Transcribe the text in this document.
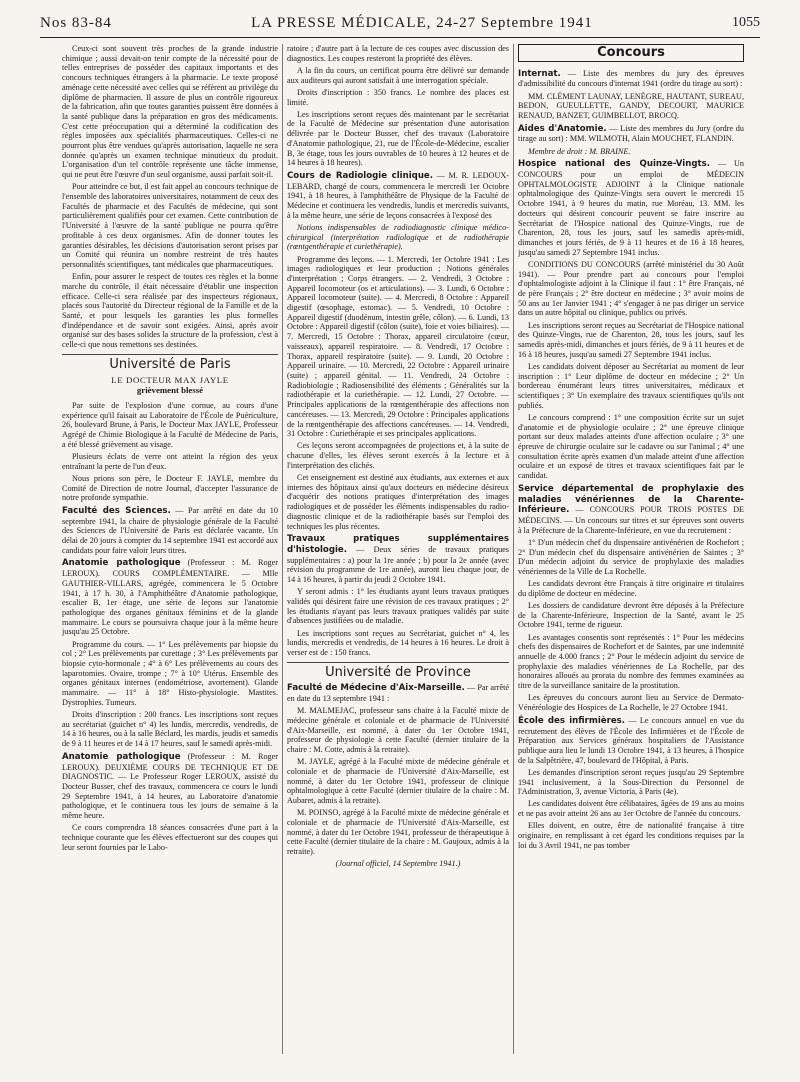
Nos 83-84	LA PRESSE MÉDICALE, 24-27 Septembre 1941	1055

Ceux-ci sont souvent très proches de la grande industrie chimique ; aussi devait-on tenir compte de la nécessité pour de telles entreprises de posséder des capitaux importants et des concours techniques étrangers à la pharmacie. Le texte proposé aménage cette nécessité avec celles qui se réfèrent au privilège du diplôme de pharmacien. Il assure de plus un contrôle rigoureux de la fabrication, afin que toutes garanties puissent être données à la santé publique dans la préparation en gros des médicaments. C'est cette préoccupation qui a déterminé la codification des règles imposées aux spécialités pharmaceutiques. Celles-ci ne pourront plus être vendues qu'après autorisation, laquelle ne sera donnée qu'après un examen technique minutieux du produit. L'organisation d'un tel contrôle représente une tâche immense, qui ne peut être l'œuvre d'un seul organisme, aussi parfait soit-il.

Pour atteindre ce but, il est fait appel au concours technique de l'ensemble des laboratoires universitaires, notamment de ceux des Facultés de pharmacie et des Facultés de médecine, qui sont particulièrement qualifiés pour cet examen. Cette contribution de l'Université à l'œuvre de la santé publique ne pourra qu'être profitable à ces deux organismes. Afin de donner toutes les garanties désirables, les décisions d'autorisation seront prises par un Comité qui réunira un nombre restreint de très hautes personnalités scientifiques, tant médicales que pharmaceutiques.

Enfin, pour assurer le respect de toutes ces règles et la bonne marche du contrôle, il était nécessaire d'établir une inspection efficace. Celle-ci sera réalisée par des inspecteurs régionaux, placés sous l'autorité du Directeur régional de la Famille et de la Santé, et pour lesquels les garanties les plus formelles d'indépendance et de savoir sont exigées. Ainsi, après avoir organisé sur des bases solides la structure de la profession, c'est à celle-ci que nous remettons ses destinées.

Université de Paris
LE DOCTEUR MAX JAYLE
grièvement blessé

Par suite de l'explosion d'une cornue, au cours d'une expérience qu'il faisait au Laboratoire de l'École de Puériculture, 26, boulevard Brune, à Paris, le Docteur Max JAYLE, Professeur Agrégé de Chimie Biologique à la Faculté de Médecine de Paris, a été blessé grièvement au visage.

Plusieurs éclats de verre ont atteint la région des yeux entraînant la perte de l'un d'eux.

Nous prions son père, le Docteur F. JAYLE, membre du Comité de Direction de notre Journal, d'accepter l'assurance de notre profonde sympathie.

Faculté des Sciences. — Par arrêté en date du 10 septembre 1941, la chaire de physiologie générale de la Faculté des Sciences de l'Université de Paris est déclarée vacante. Un délai de 20 jours à compter du 14 septembre 1941 est accordé aux candidats pour faire valoir leurs titres.

Anatomie pathologique (Professeur : M. Roger LEROUX). COURS COMPLÉMENTAIRE. — Mlle GAUTHIER-VILLARS, agrégée, commencera le 5 Octobre 1941, à 17 h. 30, à l'Amphithéâtre d'Anatomie pathologique, escalier B, 1er étage, une série de leçons sur l'anatomie pathologique des organes génitaux féminins et de la glande mammaire. Le cours se poursuivra chaque jour à la même heure jusqu'au 25 Octobre.

Programme du cours. — 1° Les prélèvements par biopsie du col ; 2° Les prélèvements par curettage ; 3° Les prélèvements par biopsie cyto-hormonale ; 4° à 6° Les prélèvements au cours des laparotomies. Ovaire, trompe ; 7° à 10° Utérus. Ensemble des organes génitaux internes (endométriose, avortement). Glande mammaire. — 11° à 18° Histo-physiologie. Mastites. Dystrophies. Tumeurs.

Droits d'inscription : 200 francs. Les inscriptions sont reçues au secrétariat (guichet n° 4) les lundis, mercredis, vendredis, de 14 à 16 heures, ou à la salle Béclard, les mardis, jeudis et samedis de 9 à 11 heures et de 14 à 17 heures, sauf le samedi après-midi.

Anatomie pathologique (Professeur : M. Roger LEROUX). DEUXIÈME COURS DE TECHNIQUE ET DE DIAGNOSTIC. — Le Professeur Roger LEROUX, assisté du Docteur Busser, chef des travaux, commencera ce cours le lundi 29 Septembre 1941, à 14 heures, au Laboratoire d'anatomie pathologique, et le continuera tous les jours de semaine à la même heure.

Ce cours comprendra 18 séances consacrées d'une part à la technique courante que les élèves effectueront sur des coupes qui leur seront fournies par le Labo-

ratoire ; d'autre part à la lecture de ces coupes avec discussion des diagnostics. Les coupes resteront la propriété des élèves.

A la fin du cours, un certificat pourra être délivré sur demande aux auditeurs qui auront satisfait à une interrogation spéciale.

Droits d'inscription : 350 francs. Le nombre des places est limité.

Les inscriptions seront reçues dès maintenant par le secrétariat de la Faculté de Médecine sur présentation d'une autorisation délivrée par le Docteur Busser, chef des travaux (Laboratoire d'Anatomie pathologique, 21, rue de l'École-de-Médecine, escalier B, 3e étage, tous les jours ouvrables de 10 heures à 12 heures et de 14 heures à 18 heures).

Cours de Radiologie clinique. — M. R. LEDOUX-LEBARD, chargé de cours, commencera le mercredi 1er Octobre 1941, à 18 heures, à l'amphithéâtre de Physique de la Faculté de Médecine et continuera les vendredis, lundis et mercredis suivants, à la même heure, une série de leçons consacrées à l'exposé des

Notions indispensables de radiodiagnostic clinique médico-chirurgical (interprétation radiologique et de radiothérapie (rœntgenthérapie et curiethérapie).

Programme des leçons. — 1. Mercredi, 1er Octobre 1941 : Les images radiologiques et leur production ; Notions générales d'interprétation ; Corps étrangers. — 2. Vendredi, 3 Octobre : Appareil locomoteur (os et articulations). — 3. Lundi, 6 Octobre : Appareil locomoteur (suite). — 4. Mercredi, 8 Octobre : Appareil digestif (œsophage, estomac). — 5. Vendredi, 10 Octobre : Appareil digestif (duodénum, intestin grêle, côlon). — 6. Lundi, 13 Octobre : Appareil digestif (côlon (suite), foie et voies biliaires). — 7. Mercredi, 15 Octobre : Thorax, appareil circulatoire (cœur, vaisseaux), appareil respiratoire. — 8. Vendredi, 17 Octobre : Thorax, appareil respiratoire (suite). — 9. Lundi, 20 Octobre : Appareil urinaire. — 10. Mercredi, 22 Octobre : Appareil urinaire (suite) ; appareil génital. — 11. Vendredi, 24 Octobre : Radiobiologie ; Radiosensibilité des éléments ; Généralités sur la radiothérapie et la curiethérapie. — 12. Lundi, 27 Octobre. — Principales applications de la rœntgenthérapie des affections non cancéreuses. — 13. Mercredi, 29 Octobre : Principales applications de la rœntgenthérapie des affections cancéreuses. — 14. Vendredi, 31 Octobre : Curiethérapie et ses principales applications.

Ces leçons seront accompagnées de projections et, à la suite de chacune d'elles, les élèves seront exercés à la lecture et à l'interprétation des clichés.

Cet enseignement est destiné aux étudiants, aux externes et aux internes des hôpitaux ainsi qu'aux docteurs en médecine désireux d'acquérir des notions pratiques d'interprétation des images radiologiques et de posséder les éléments indispensables du radio-diagnostic clinique et de la radiothérapie basés sur l'emploi des techniques les plus récentes.

Travaux pratiques supplémentaires d'histologie. — Deux séries de travaux pratiques supplémentaires : a) pour la 1re année ; b) pour la 2e année (avec révision du programme de 1re année), auront lieu chaque jour, de 14 à 16 heures, à partir du jeudi 2 Octobre 1941.

Y seront admis : 1° les étudiants ayant leurs travaux pratiques validés qui désirent faire une révision de ces travaux pratiques ; 2° les étudiants n'ayant pas leurs travaux pratiques validés par suite d'absences justifiées ou de maladie.

Les inscriptions sont reçues au Secrétariat, guichet n° 4, les lundis, mercredis et vendredis, de 14 heures à 16 heures. Le droit à verser est de : 150 francs.

Université de Province

Faculté de Médecine d'Aix-Marseille. — Par arrêté en date du 13 septembre 1941 :

M. MALMEJAC, professeur sans chaire à la Faculté mixte de médecine générale et coloniale et de pharmacie de l'Université d'Aix-Marseille, est nommé, à dater du 1er Octobre 1941, professeur de physiologie à cette Faculté (dernier titulaire de la chaire : M. Cotte, admis à la retraite).

M. JAYLE, agrégé à la Faculté mixte de médecine générale et coloniale et de pharmacie de l'Université d'Aix-Marseille, est nommé, à dater du 1er Octobre 1941, professeur de clinique ophtalmologique à cette Faculté (dernier titulaire de la chaire : M. Aubaret, admis à la retraite).

M. POINSO, agrégé à la Faculté mixte de médecine générale et coloniale et de pharmacie de l'Université d'Aix-Marseille, est nommé, à dater du 1er Octobre 1941, professeur de thérapeutique à cette Faculté (dernier titulaire de la chaire : M. Gaujoux, admis à la retraite).

(Journal officiel, 14 Septembre 1941.)
Concours

Internat. — Liste des membres du jury des épreuves d'admissibilité du concours d'internat 1941 (ordre du tirage au sort) :

MM. CLÉMENT LAUNAY, LENÈGRE, HAUTANT, SUREAU, BEDON, GUEULLETTE, GANDY, DECOURT, MAURICE RENAUD, BANZET, GUIMBELLOT, BROCQ.

Aides d'Anatomie. — Liste des membres du Jury (ordre du tirage au sort) : MM. WILMOTH, Alain MOUCHET, FLANDIN.

Membre de droit : M. BRAINE.

Hospice national des Quinze-Vingts. — Un CONCOURS pour un emploi de MÉDECIN OPHTALMOLOGISTE ADJOINT à la Clinique nationale ophtalmologique des Quinze-Vingts sera ouvert le mercredi 15 Octobre 1941, à 9 heures du matin, rue Moréau, 13. MM. les docteurs qui désirent concourir peuvent se faire inscrire au Secrétariat de l'Hospice national des Quinze-Vingts, rue de Charenton, 28, tous les jours, sauf les samedis après-midi, dimanches et jours fériés, de 9 à 11 heures et de 16 à 18 heures, jusqu'au samedi 27 Septembre 1941 inclus.

CONDITIONS DU CONCOURS (arrêté ministériel du 30 Août 1941). — Pour prendre part au concours pour l'emploi d'ophtalmologiste adjoint à la Clinique il faut : 1° être Français, né de père Français ; 2° être docteur en médecine ; 3° avoir moins de 50 ans au 1er Janvier 1941 ; 4° s'engager à ne pas diriger un service dans un autre hôpital ou clinique, publics ou privés.

Les inscriptions seront reçues au Secrétariat de l'Hospice national des Quinze-Vingts, rue de Charenton, 28, tous les jours, sauf les samedis après-midi, dimanches et jours fériés, de 9 à 11 heures et de 16 à 18 heures, jusqu'au samedi 27 Septembre 1941 inclus.

Les candidats doivent déposer au Secrétariat au moment de leur inscription : 1° Leur diplôme de docteur en médecine ; 2° Un bordereau énumérant leurs titres universitaires, médicaux et scientifiques ; 3° Un exemplaire des travaux scientifiques qu'ils ont publiés.

Le concours comprend : 1° une composition écrite sur un sujet d'anatomie et de physiologie oculaire ; 2° une épreuve clinique portant sur deux malades atteints d'une affection oculaire ; 3° une épreuve de chirurgie oculaire sur le cadavre ou sur l'animal ; 4° une consultation écrite après examen d'un malade atteint d'une affection oculaire et un exposé de titres et travaux scientifiques fait par le candidat.

Service départemental de prophylaxie des maladies vénériennes de la Charente-Inférieure. — CONCOURS POUR TROIS POSTES DE MÉDECINS. — Un concours sur titres et sur épreuves sont ouverts à la Préfecture de la Charente-Inférieure, en vue du recrutement :

1° D'un médecin chef du dispensaire antivénérien de Rochefort ; 2° D'un médecin chef du dispensaire antivénérien de Saintes ; 3° D'un médecin adjoint du service de prophylaxie des maladies vénériennes de la Ville de La Rochelle.

Les candidats devront être Français à titre originaire et titulaires du diplôme de docteur en médecine.

Les dossiers de candidature devront être déposés à la Préfecture de la Charente-Inférieure, Inspection de la Santé, avant le 25 Octobre 1941, terme de rigueur.

Les avantages consentis sont représentés : 1° Pour les médecins chefs des dispensaires de Rochefort et de Saintes, par une indemnité annuelle de 4.000 francs ; 2° Pour le médecin adjoint du service de prophylaxie des maladies vénériennes de La Rochelle, par des honoraires alloués au prorata du nombre des femmes examinées au titre de la surveillance sanitaire de la prostitution.

Les épreuves du concours auront lieu au Service de Dermato-Vénéréologie des Hospices de La Rochelle, le 27 Octobre 1941.

École des infirmières. — Le concours annuel en vue du recrutement des élèves de l'École des Infirmières et de l'École de Préparation aux Services généraux hospitaliers de l'Assistance publique aura lieu le lundi 13 Octobre 1941, à 13 heures, à l'hospice de la Salpêtrière, 47, boulevard de l'Hôpital, à Paris.

Les demandes d'inscription seront reçues jusqu'au 29 Septembre 1941 inclusivement, à la Sous-Direction du Personnel de l'Administration, 3, avenue Victoria, à Paris (4e).

Les candidates doivent être célibataires, âgées de 19 ans au moins et ne pas avoir atteint 26 ans au 1er Octobre de l'année du concours.

Elles doivent, en outre, être de nationalité française à titre originaire, en remplissant à cet égard les conditions requises par la loi du 3 Avril 1941, ne pas tomber
